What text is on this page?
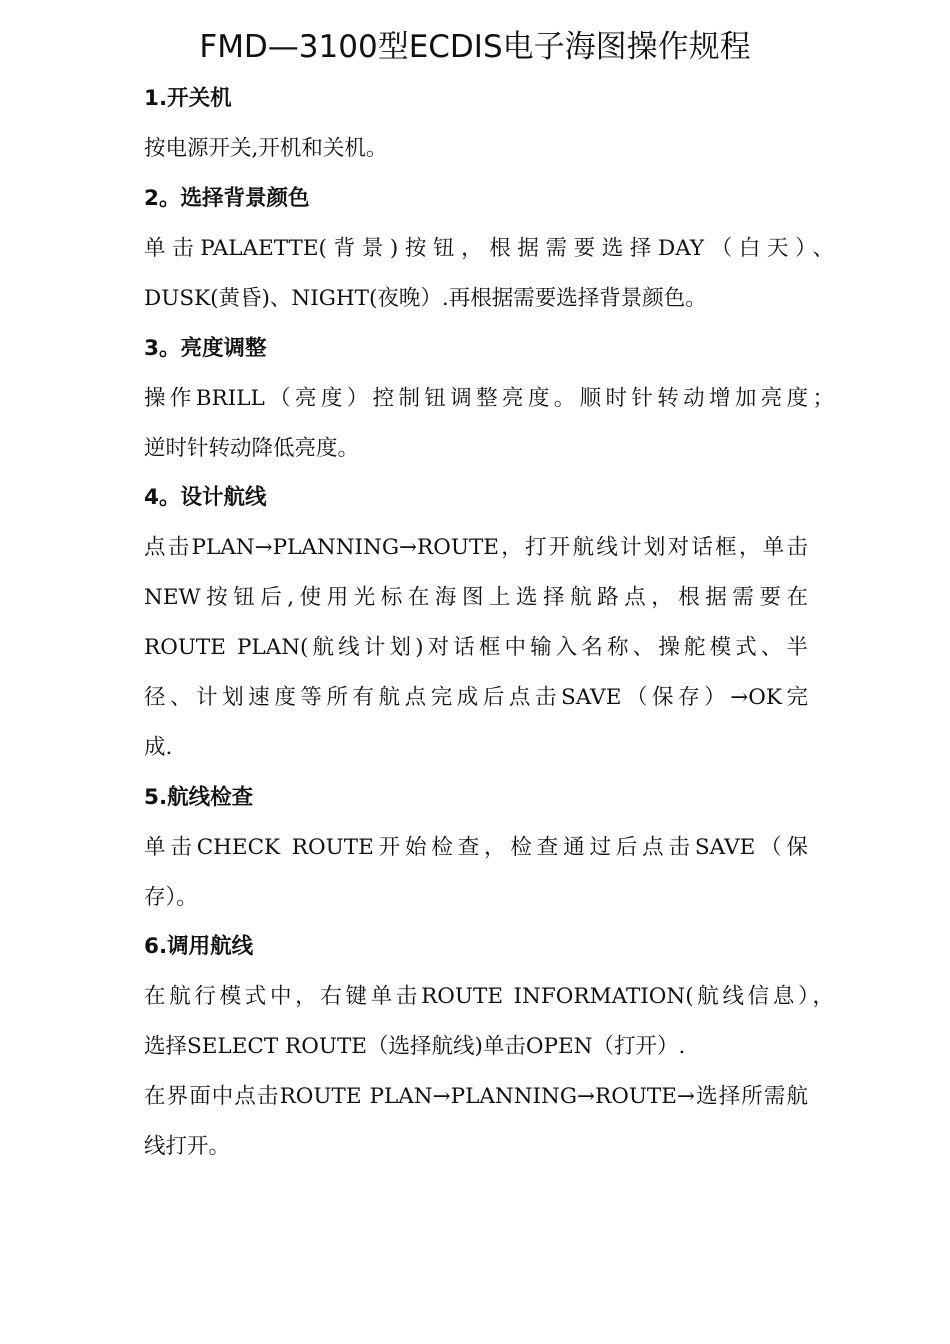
FMD—3100型ECDIS电子海图操作规程
1.开关机
按电源开关,开机和关机。
2。选择背景颜色
单击PALAETTE(背景)按钮，根据需要选择DAY（白天）、
DUSK(黄昏)、NIGHT(夜晚）.再根据需要选择背景颜色。
3。亮度调整
操作BRILL（亮度）控制钮调整亮度。顺时针转动增加亮度；
逆时针转动降低亮度。
4。设计航线
点击PLAN→PLANNING→ROUTE，打开航线计划对话框，单击
NEW按钮后,使用光标在海图上选择航路点，根据需要在
ROUTE PLAN(航线计划)对话框中输入名称、操舵模式、半
径、计划速度等所有航点完成后点击SAVE（保存）→OK完
成.
5.航线检查
单击CHECK ROUTE开始检查，检查通过后点击SAVE（保
存）。
6.调用航线
在航行模式中，右键单击ROUTE INFORMATION(航线信息），
选择SELECT ROUTE（选择航线)单击OPEN（打开）.
在界面中点击ROUTE PLAN→PLANNING→ROUTE→选择所需航
线打开。
